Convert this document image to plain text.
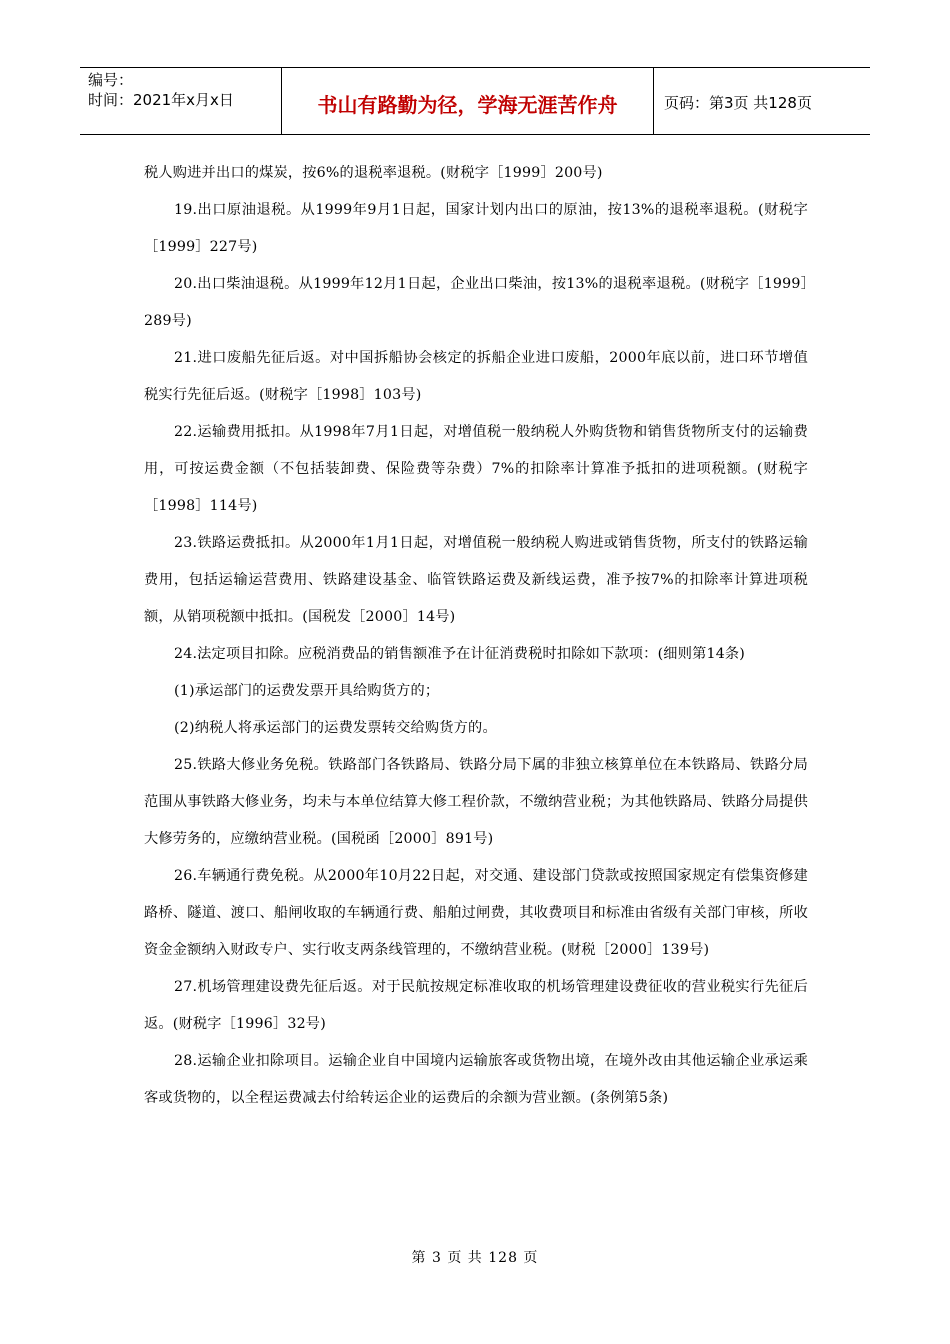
编号：
时间：2021年x月x日	书山有路勤为径，学海无涯苦作舟	页码：第3页 共128页

税人购进并出口的煤炭，按6%的退税率退税。(财税字［1999］200号)

19.出口原油退税。从1999年9月1日起，国家计划内出口的原油，按13%的退税率退税。(财税字［1999］227号)

20.出口柴油退税。从1999年12月1日起，企业出口柴油，按13%的退税率退税。(财税字［1999］289号)

21.进口废船先征后返。对中国拆船协会核定的拆船企业进口废船，2000年底以前，进口环节增值税实行先征后返。(财税字［1998］103号)

22.运输费用抵扣。从1998年7月1日起，对增值税一般纳税人外购货物和销售货物所支付的运输费用，可按运费金额（不包括装卸费、保险费等杂费）7%的扣除率计算准予抵扣的进项税额。(财税字［1998］114号)

23.铁路运费抵扣。从2000年1月1日起，对增值税一般纳税人购进或销售货物，所支付的铁路运输费用，包括运输运营费用、铁路建设基金、临管铁路运费及新线运费，准予按7%的扣除率计算进项税额，从销项税额中抵扣。(国税发［2000］14号)

24.法定项目扣除。应税消费品的销售额准予在计征消费税时扣除如下款项：(细则第14条)

(1)承运部门的运费发票开具给购货方的；

(2)纳税人将承运部门的运费发票转交给购货方的。

25.铁路大修业务免税。铁路部门各铁路局、铁路分局下属的非独立核算单位在本铁路局、铁路分局范围从事铁路大修业务，均未与本单位结算大修工程价款，不缴纳营业税；为其他铁路局、铁路分局提供大修劳务的，应缴纳营业税。(国税函［2000］891号)

26.车辆通行费免税。从2000年10月22日起，对交通、建设部门贷款或按照国家规定有偿集资修建路桥、隧道、渡口、船闸收取的车辆通行费、船舶过闸费，其收费项目和标准由省级有关部门审核，所收资金金额纳入财政专户、实行收支两条线管理的，不缴纳营业税。(财税［2000］139号)

27.机场管理建设费先征后返。对于民航按规定标准收取的机场管理建设费征收的营业税实行先征后返。(财税字［1996］32号)

28.运输企业扣除项目。运输企业自中国境内运输旅客或货物出境，在境外改由其他运输企业承运乘客或货物的，以全程运费减去付给转运企业的运费后的余额为营业额。(条例第5条)

第 3 页 共 128 页
